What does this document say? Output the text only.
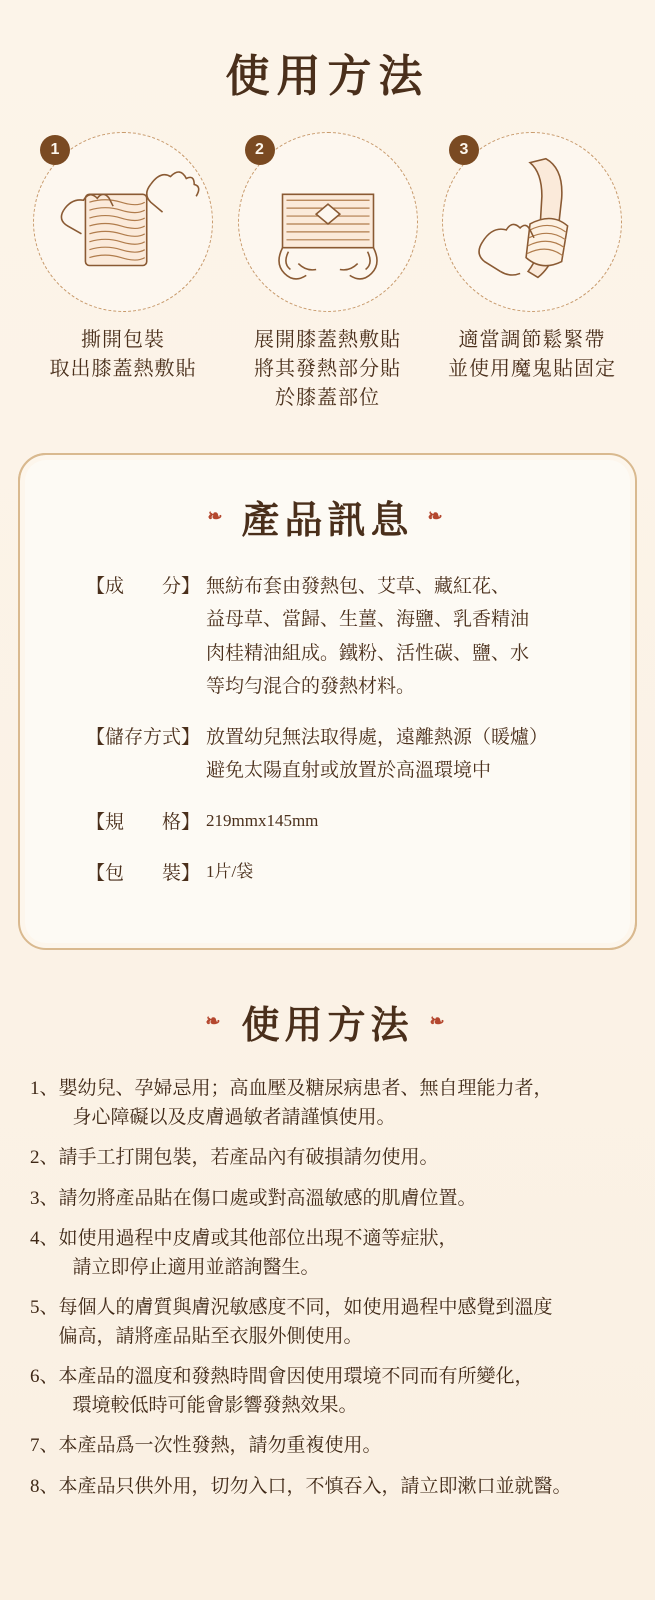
使用方法
1
撕開包裝
取出膝蓋熱敷貼
2
展開膝蓋熱敷貼
將其發熱部分貼
於膝蓋部位
3
適當調節鬆緊帶
並使用魔鬼貼固定
❧ 產品訊息 ❧
【成　　分】 無紡布套由發熱包、艾草、藏紅花、
益母草、當歸、生薑、海鹽、乳香精油
肉桂精油組成。鐵粉、活性碳、鹽、水
等均勻混合的發熱材料。
【儲存方式】 放置幼兒無法取得處，遠離熱源（暖爐）
避免太陽直射或放置於高溫環境中
【規　　格】 219mmx145mm
【包　　裝】 1片/袋
❧ 使用方法 ❧
1、 嬰幼兒、孕婦忌用；高血壓及糖尿病患者、無自理能力者，
身心障礙以及皮膚過敏者請謹慎使用。
2、 請手工打開包裝，若產品內有破損請勿使用。
3、 請勿將產品貼在傷口處或對高溫敏感的肌膚位置。
4、 如使用過程中皮膚或其他部位出現不適等症狀，
請立即停止適用並諮詢醫生。
5、 每個人的膚質與膚況敏感度不同，如使用過程中感覺到溫度
偏高，請將產品貼至衣服外側使用。
6、 本產品的溫度和發熱時間會因使用環境不同而有所變化，
環境較低時可能會影響發熱效果。
7、 本產品爲一次性發熱，請勿重複使用。
8、 本產品只供外用，切勿入口，不慎吞入，請立即漱口並就醫。
